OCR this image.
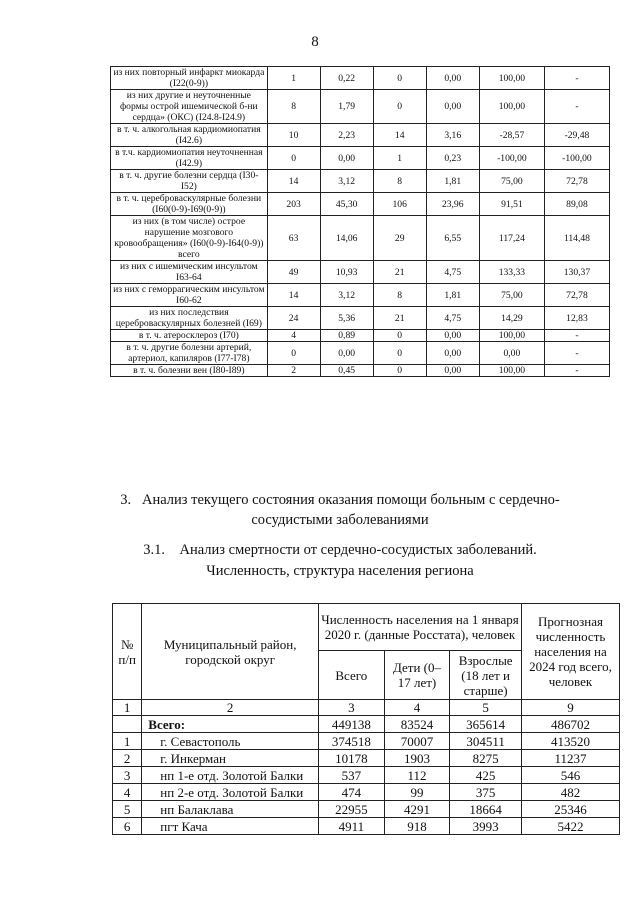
8
из них повторный инфаркт миокарда (I22(0-9))	1	0,22	0	0,00	100,00	-
из них другие и неуточненные формы острой ишемической б-ни сердца» (ОКС) (I24.8-I24.9)	8	1,79	0	0,00	100,00	-
в т. ч. алкогольная кардиомиопатия (I42.6)	10	2,23	14	3,16	-28,57	-29,48
в т.ч. кардиомиопатия неуточненная (I42.9)	0	0,00	1	0,23	-100,00	-100,00
в т. ч. другие болезни сердца (I30-I52)	14	3,12	8	1,81	75,00	72,78
в т. ч. цереброваскулярные болезни (I60(0-9)-I69(0-9))	203	45,30	106	23,96	91,51	89,08
из них (в том числе) острое нарушение мозгового кровообращения» (I60(0-9)-I64(0-9)) всего	63	14,06	29	6,55	117,24	114,48
из них с ишемическим инсультом I63-64	49	10,93	21	4,75	133,33	130,37
из них с геморрагическим инсультом I60-62	14	3,12	8	1,81	75,00	72,78
из них последствия цереброваскулярных болезней (I69)	24	5,36	21	4,75	14,29	12,83
в т. ч. атеросклероз (I70)	4	0,89	0	0,00	100,00	-
в т. ч. другие болезни артерий, артериол, капиляров (I77-I78)	0	0,00	0	0,00	0,00	-
в т. ч. болезни вен (I80-I89)	2	0,45	0	0,00	100,00	-
3. Анализ текущего состояния оказания помощи больным с сердечно-
сосудистыми заболеваниями
3.1. Анализ смертности от сердечно-сосудистых заболеваний.
Численность, структура населения региона
№ п/п	Муниципальный район, городской округ	Численность населения на 1 января 2020 г. (данные Росстата), человек			Прогнозная численность населения на 2024 год всего, человек
		Всего	Дети (0–17 лет)	Взрослые (18 лет и старше)	
1	2	3	4	5	9
	Всего:	449138	83524	365614	486702
1	г. Севастополь	374518	70007	304511	413520
2	г. Инкерман	10178	1903	8275	11237
3	нп 1-е отд. Золотой Балки	537	112	425	546
4	нп 2-е отд. Золотой Балки	474	99	375	482
5	нп Балаклава	22955	4291	18664	25346
6	пгт Кача	4911	918	3993	5422
